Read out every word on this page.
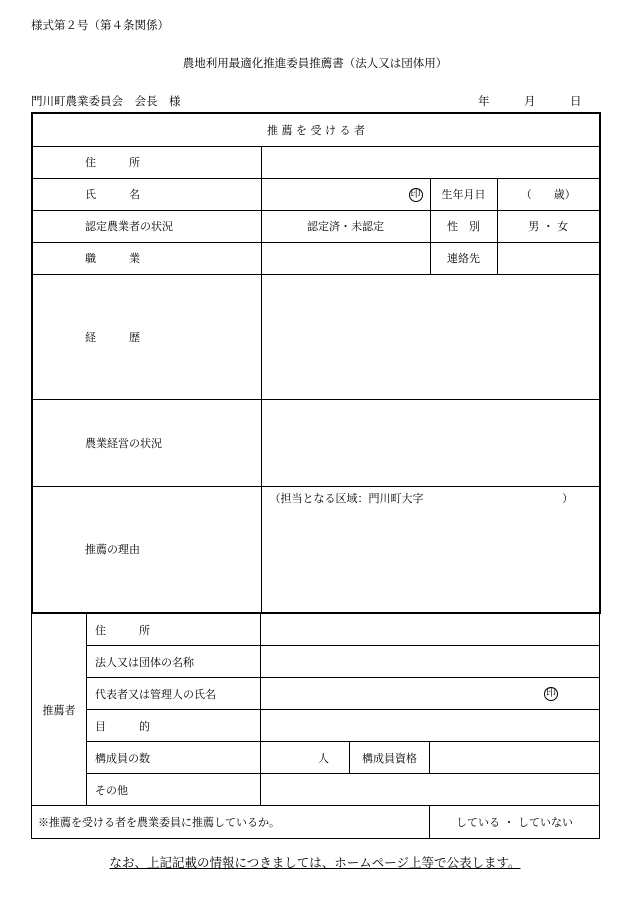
様式第２号（第４条関係）
農地利用最適化推進委員推薦書（法人又は団体用）
門川町農業委員会　会長　様	年	月	日
推 薦 を 受 け る 者			
住　　　所			
氏　　　名	印	生年月日	（　　歳）
認定農業者の状況	認定済・未認定	性　別	男 ・ 女
職　　　業		連絡先	
経　　　歴			
農業経営の状況			
推薦の理由	（担当となる区域：門川町大字 ）		
推薦者	住　　　所			
	法人又は団体の名称			
	代表者又は管理人の氏名	印		

	目　　　的			
	構成員の数	人	構成員資格	
	その他			
※推薦を受ける者を農業委員に推薦しているか。	している ・ していない
なお、上記記載の情報につきましては、ホームページ上等で公表します。
